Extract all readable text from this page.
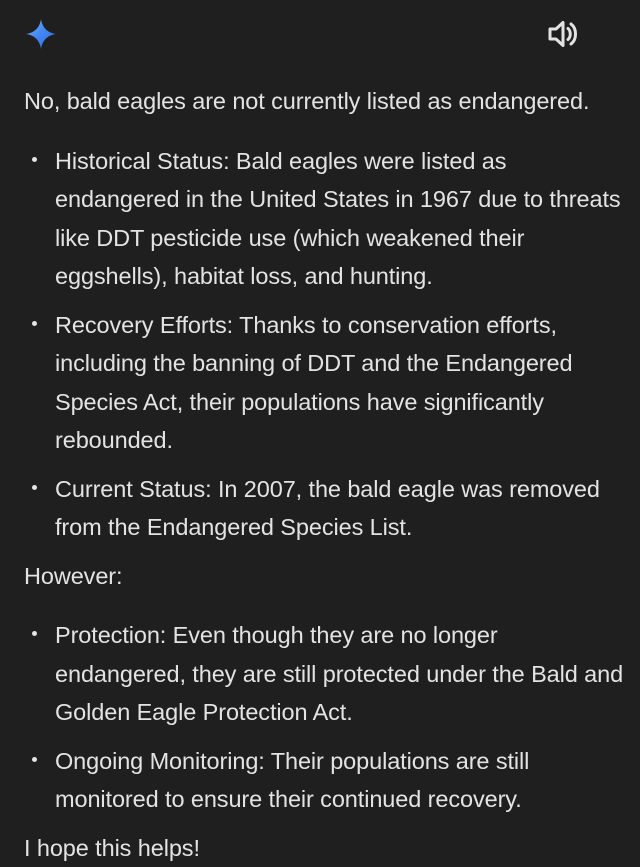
No, bald eagles are not currently listed as endangered.

Historical Status: Bald eagles were listed as endangered in the United States in 1967 due to threats like DDT pesticide use (which weakened their eggshells), habitat loss, and hunting.
Recovery Efforts: Thanks to conservation efforts, including the banning of DDT and the Endangered Species Act, their populations have significantly rebounded.
Current Status: In 2007, the bald eagle was removed from the Endangered Species List.

However:

Protection: Even though they are no longer endangered, they are still protected under the Bald and Golden Eagle Protection Act.
Ongoing Monitoring: Their populations are still monitored to ensure their continued recovery.

I hope this helps!
